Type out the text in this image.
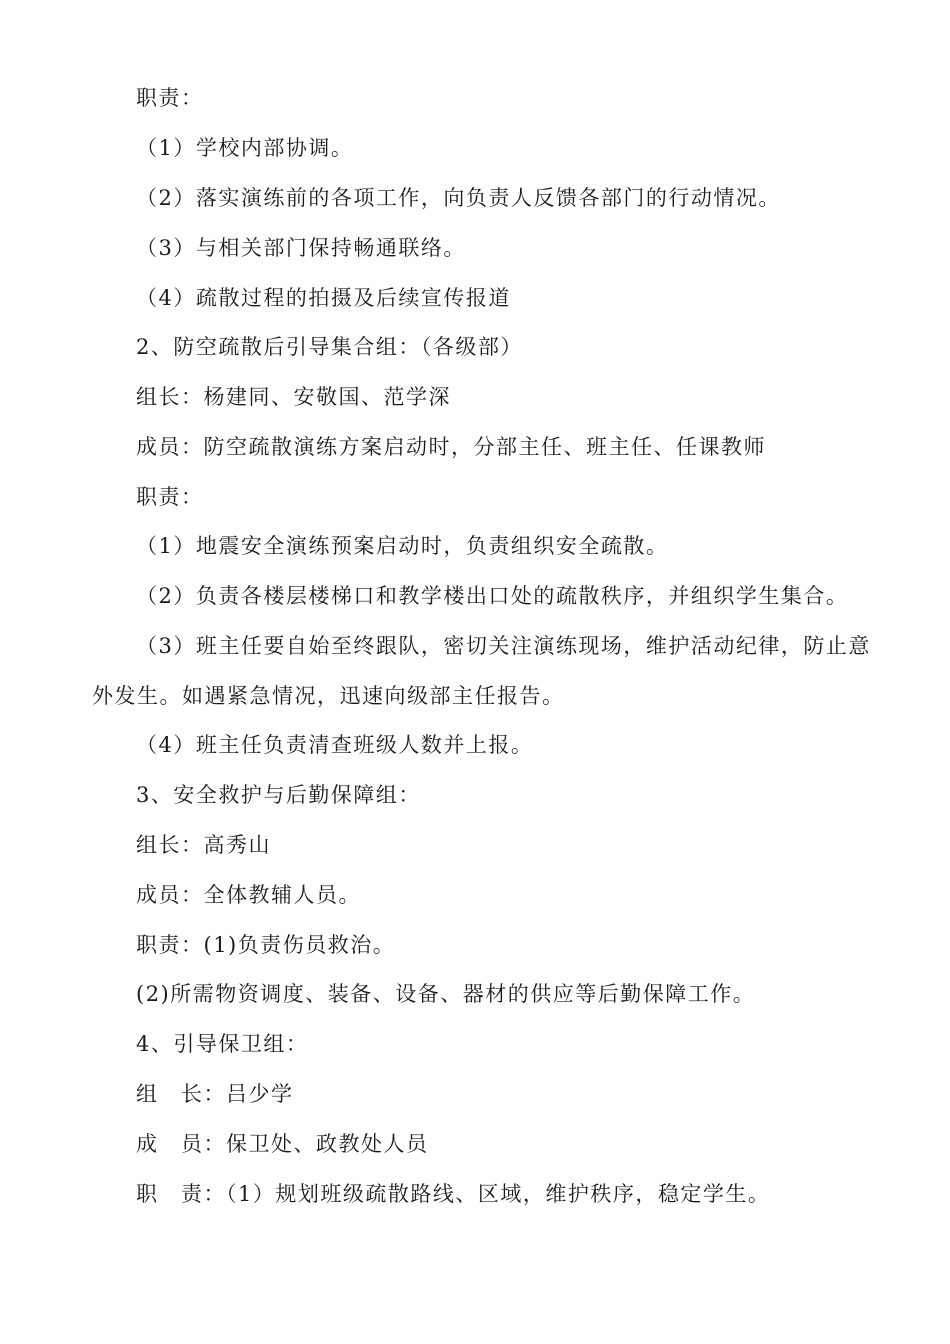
职责：
（1）学校内部协调。
（2）落实演练前的各项工作，向负责人反馈各部门的行动情况。
（3）与相关部门保持畅通联络。
（4）疏散过程的拍摄及后续宣传报道
2、防空疏散后引导集合组：（各级部）
组长：杨建同、安敬国、范学深
成员：防空疏散演练方案启动时，分部主任、班主任、任课教师
职责：
（1）地震安全演练预案启动时，负责组织安全疏散。
（2）负责各楼层楼梯口和教学楼出口处的疏散秩序，并组织学生集合。
（3）班主任要自始至终跟队，密切关注演练现场，维护活动纪律，防止意
外发生。如遇紧急情况，迅速向级部主任报告。
（4）班主任负责清查班级人数并上报。
3、安全救护与后勤保障组：
组长：高秀山
成员：全体教辅人员。
职责：(1)负责伤员救治。
(2)所需物资调度、装备、设备、器材的供应等后勤保障工作。
4、引导保卫组：
组　长：吕少学
成　员：保卫处、政教处人员
职　责：（1）规划班级疏散路线、区域，维护秩序，稳定学生。
